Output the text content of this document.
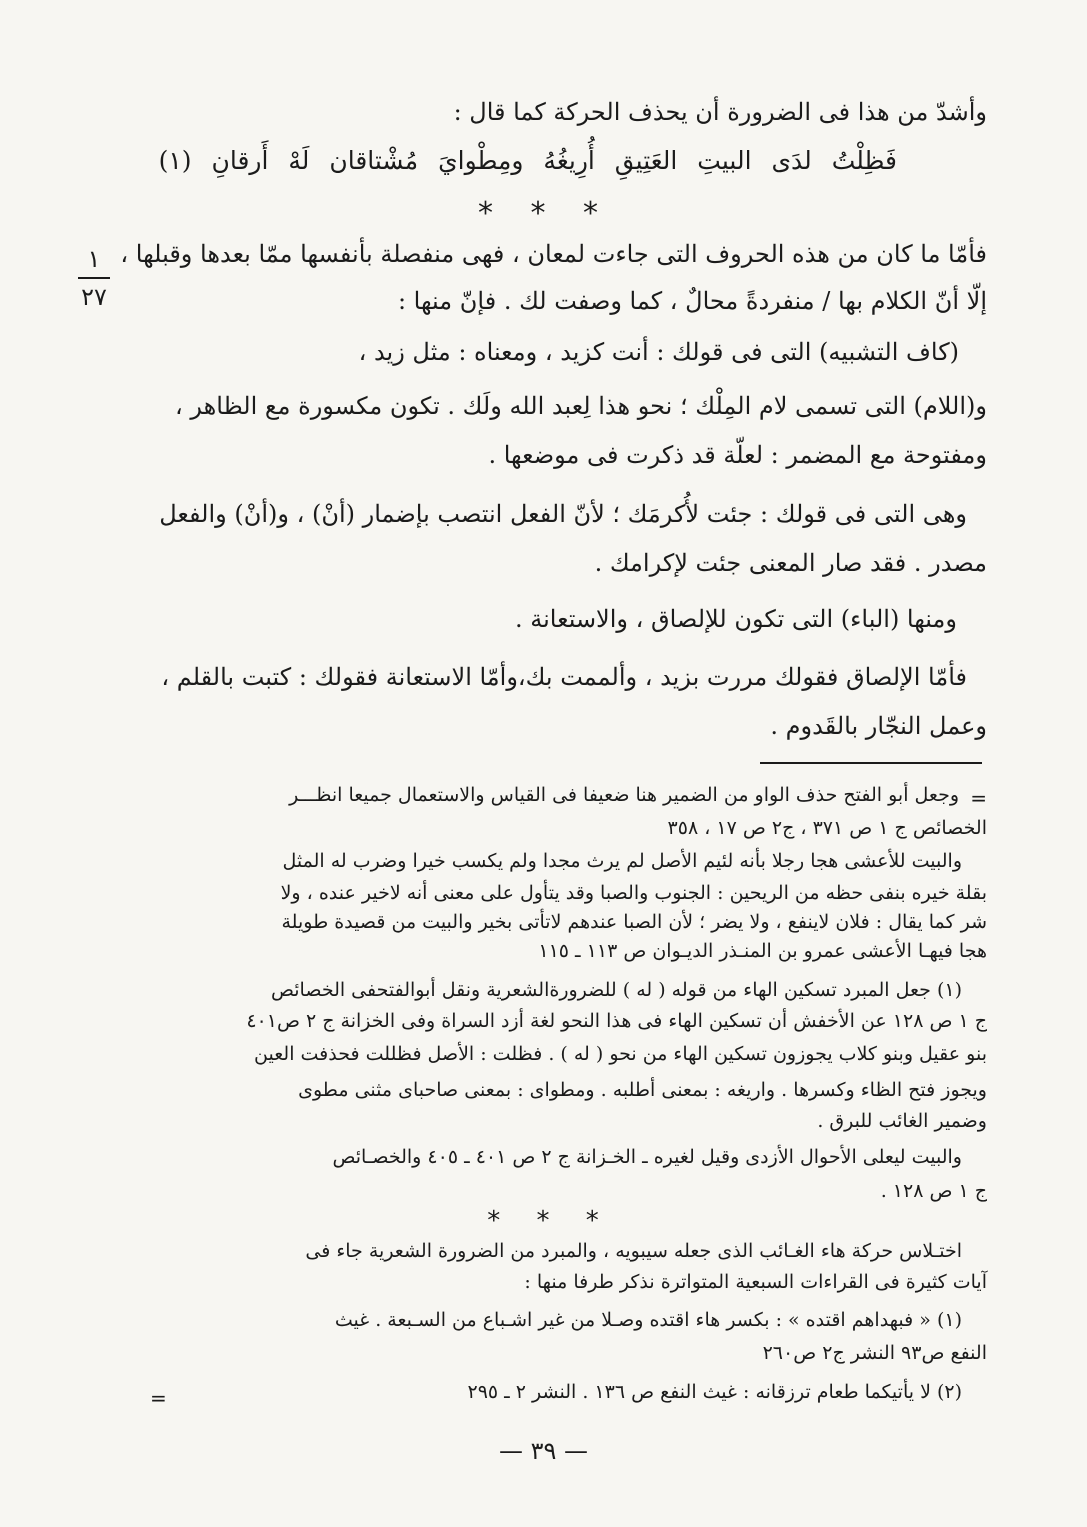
وأشدّ من هذا فى الضرورة أن يحذف الحركة كما قال :
فَظِلْتُ لدَى البيتِ العَتِيقِ أُرِيغُهُ ومِطْوايَ مُشْتاقان لَهْ أَرقانِ (١)
* * *
فأمّا ما كان من هذه الحروف التى جاءت لمعان ، فهى منفصلة بأنفسها ممّا بعدها وقبلها ،
إلّا أنّ الكلام بها / منفردةً محالٌ ، كما وصفت لك . فإنّ منها :
(كاف التشبيه) التى فى قولك : أنت كزيد ، ومعناه : مثل زيد ،
و(اللام) التى تسمى لام المِلْك ؛ نحو هذا لِعبد الله ولَك . تكون مكسورة مع الظاهر ،
ومفتوحة مع المضمر : لعلّة قد ذكرت فى موضعها .
وهى التى فى قولك : جئت لأُكرمَك ؛ لأنّ الفعل انتصب بإضمار (أنْ) ، و(أنْ) والفعل
مصدر . فقد صار المعنى جئت لإكرامك .
ومنها (الباء) التى تكون للإلصاق ، والاستعانة .
فأمّا الإلصاق فقولك مررت بزيد ، وألممت بك،وأمّا الاستعانة فقولك : كتبت بالقلم ،
وعمل النجّار بالقَدوم .
١
٢٧
=
وجعل أبو الفتح حذف الواو من الضمير هنا ضعيفا فى القياس والاستعمال جميعا انظـــر
الخصائص ج ١ ص ٣٧١ ، ج٢ ص ١٧ ، ٣٥٨
والبيت للأعشى هجا رجلا بأنه لئيم الأصل لم يرث مجدا ولم يكسب خيرا وضرب له المثل
بقلة خيره بنفى حظه من الريحين : الجنوب والصبا وقد يتأول على معنى أنه لاخير عنده ، ولا
شر كما يقال : فلان لاينفع ، ولا يضر ؛ لأن الصبا عندهم لاتأتى بخير والبيت من قصيدة طويلة
هجا فيهـا الأعشى عمرو بن المنـذر الديـوان ص ١١٣ ـ ١١٥
(١) جعل المبرد تسكين الهاء من قوله ( له ) للضرورةالشعرية ونقل أبوالفتحفى الخصائص
ج ١ ص ١٢٨ عن الأخفش أن تسكين الهاء فى هذا النحو لغة أزد السراة وفى الخزانة ج ٢ ص٤٠١
بنو عقيل وبنو كلاب يجوزون تسكين الهاء من نحو ( له ) . فظلت : الأصل فظللت فحذفت العين
ويجوز فتح الظاء وكسرها . واريغه : بمعنى أطلبه . ومطواى : بمعنى صاحباى مثنى مطوى
وضمير الغائب للبرق .
والبيت ليعلى الأحوال الأزدى وقيل لغيره ـ الخـزانة ج ٢ ص ٤٠١ ـ ٤٠٥ والخصـائص
ج ١ ص ١٢٨ .
* * *
اختـلاس حركة هاء الغـائب الذى جعله سيبويه ، والمبرد من الضرورة الشعرية جاء فى
آيات كثيرة فى القراءات السبعية المتواترة نذكر طرفا منها :
(١) « فبهداهم اقتده » : بكسر هاء اقتده وصـلا من غير اشـباع من السـبعة . غيث
النفع ص٩٣ النشر ج٢ ص٢٦٠
(٢) لا يأتيكما طعام ترزقانه : غيث النفع ص ١٣٦ . النشر ٢ ـ ٢٩٥
=
— ٣٩ —
